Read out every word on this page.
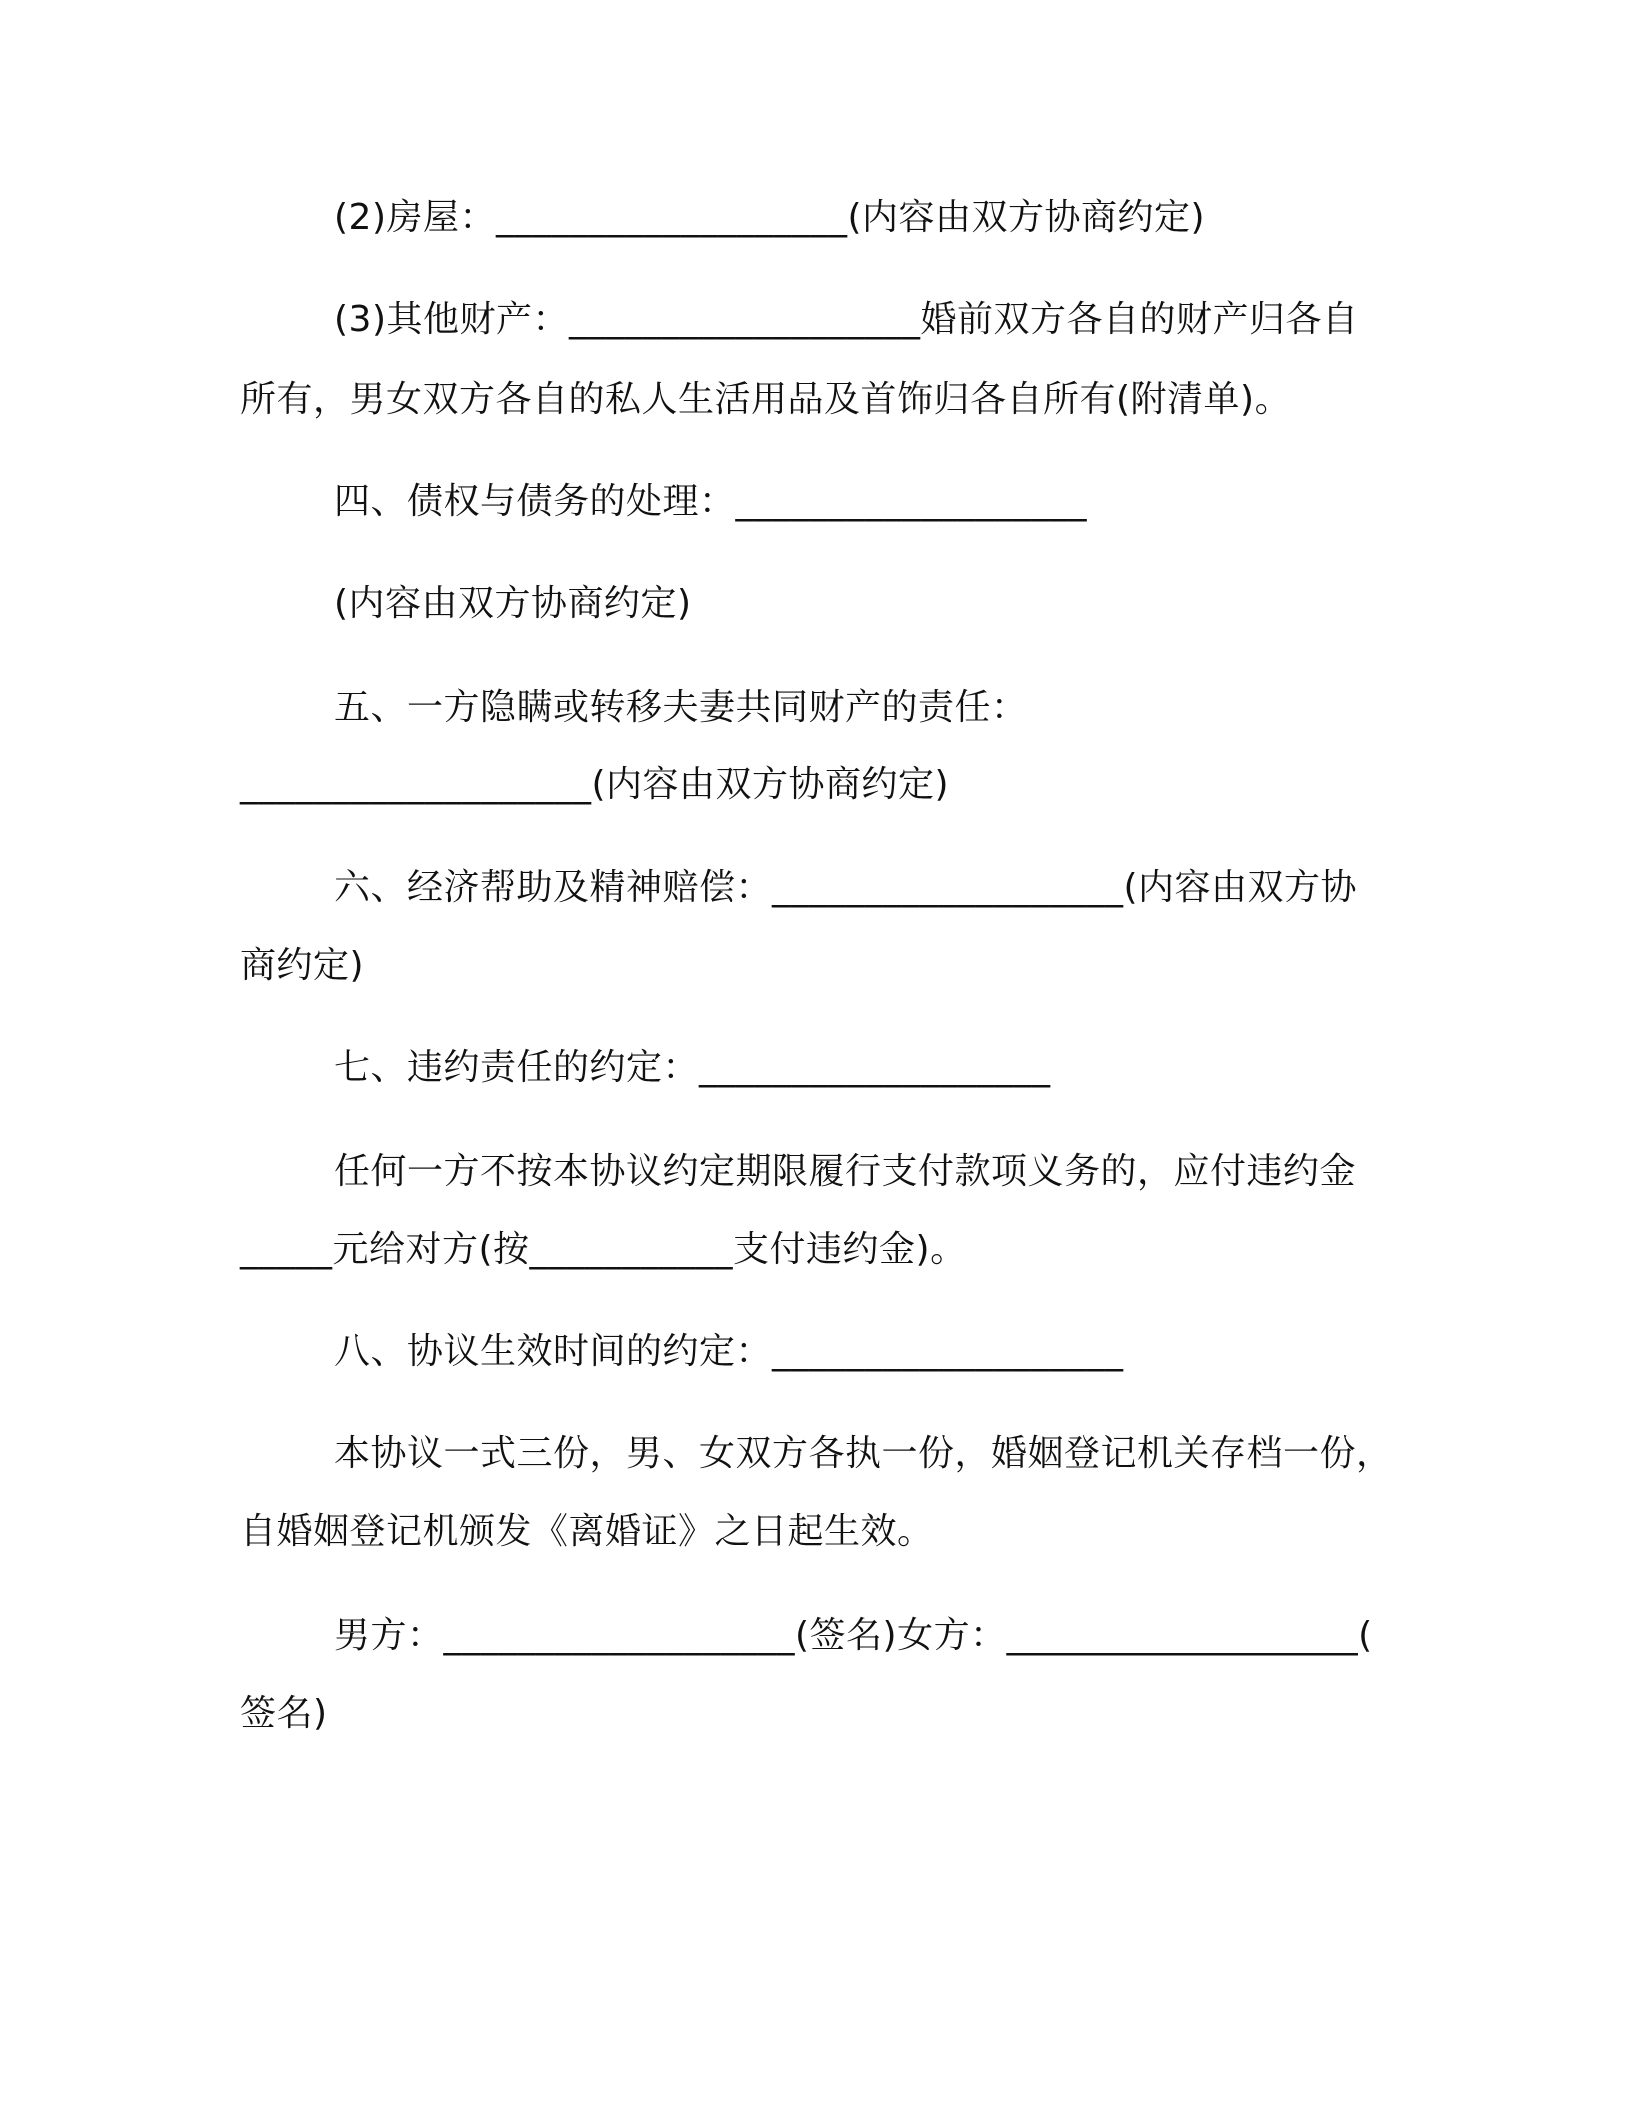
(2)房屋：___________________(内容由双方协商约定)
(3)其他财产：___________________婚前双方各自的财产归各自
所有，男女双方各自的私人生活用品及首饰归各自所有(附清单)。
四、债权与债务的处理：___________________
(内容由双方协商约定)
五、一方隐瞒或转移夫妻共同财产的责任：
___________________(内容由双方协商约定)
六、经济帮助及精神赔偿：___________________(内容由双方协
商约定)
七、违约责任的约定：___________________
任何一方不按本协议约定期限履行支付款项义务的，应付违约金
_____元给对方(按___________支付违约金)。
八、协议生效时间的约定：___________________
本协议一式三份，男、女双方各执一份，婚姻登记机关存档一份，
自婚姻登记机颁发《离婚证》之日起生效。
男方：___________________(签名)女方：___________________(
签名)
